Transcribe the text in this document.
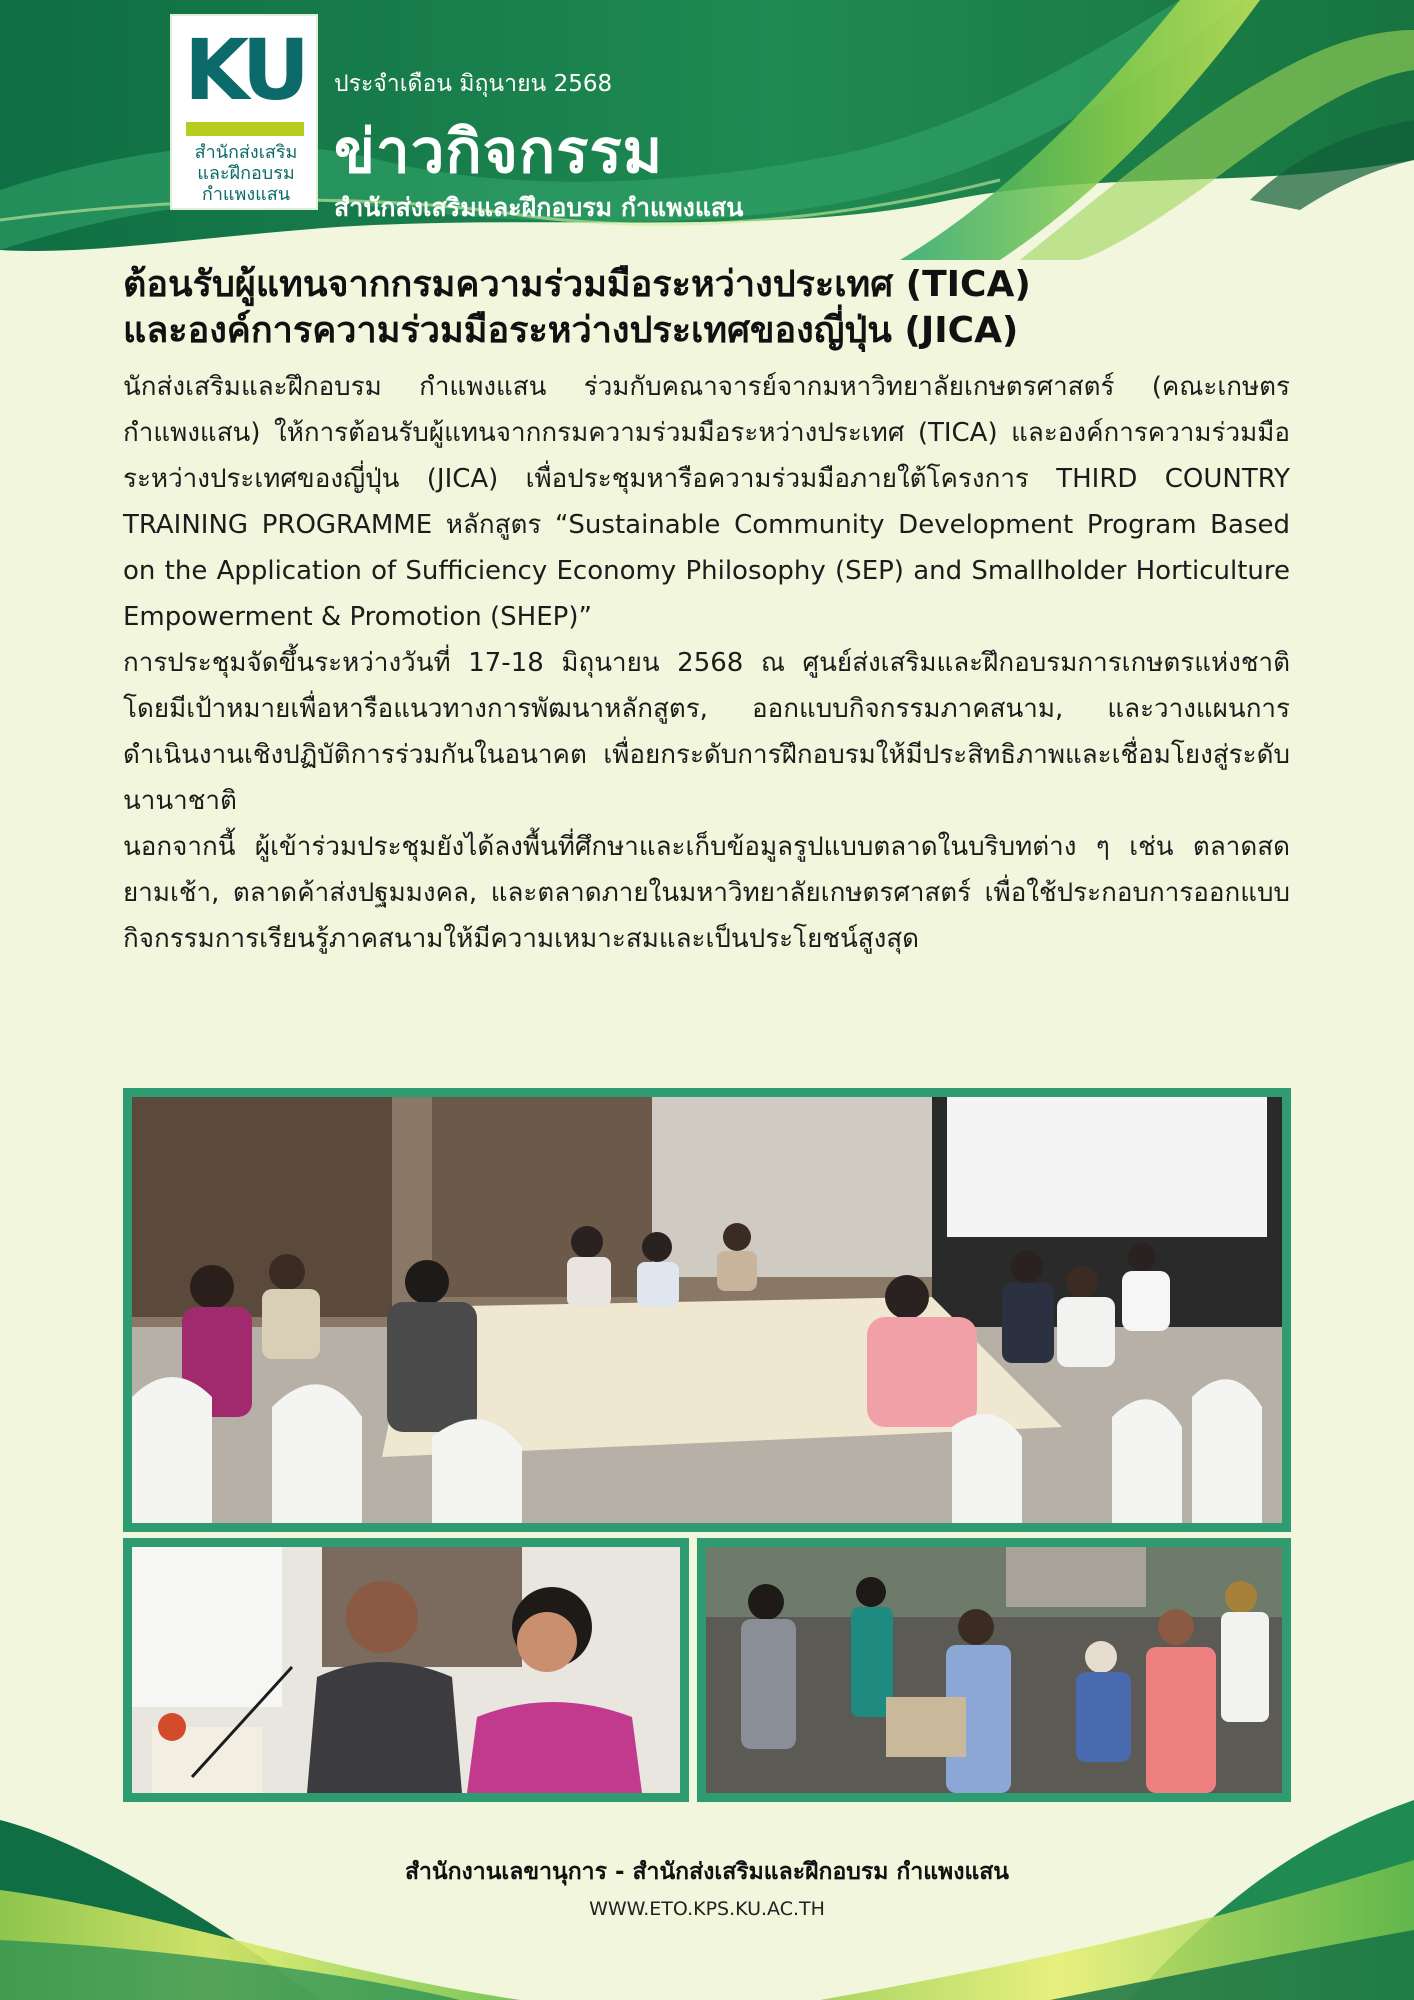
KU
สำนักส่งเสริม
และฝึกอบรม
กำแพงแสน
ประจำเดือน มิถุนายน 2568
ข่าวกิจกรรม
สำนักส่งเสริมและฝึกอบรม กำแพงแสน
ต้อนรับผู้แทนจากกรมความร่วมมือระหว่างประเทศ (TICA)
และองค์การความร่วมมือระหว่างประเทศของญี่ปุ่น (JICA)

นักส่งเสริมและฝึกอบรม กำแพงแสน ร่วมกับคณาจารย์จากมหาวิทยาลัยเกษตรศาสตร์ (คณะเกษตร กำแพงแสน) ให้การต้อนรับผู้แทนจากกรมความร่วมมือระหว่างประเทศ (TICA) และองค์การความร่วมมือระหว่างประเทศของญี่ปุ่น (JICA) เพื่อประชุมหารือความร่วมมือภายใต้โครงการ THIRD COUNTRY TRAINING PROGRAMME หลักสูตร “Sustainable Community Development Program Based on the Application of Sufficiency Economy Philosophy (SEP) and Smallholder Horticulture Empowerment & Promotion (SHEP)”

การประชุมจัดขึ้นระหว่างวันที่ 17-18 มิถุนายน 2568 ณ ศูนย์ส่งเสริมและฝึกอบรมการเกษตรแห่งชาติ โดยมีเป้าหมายเพื่อหารือแนวทางการพัฒนาหลักสูตร, ออกแบบกิจกรรมภาคสนาม, และวางแผนการดำเนินงานเชิงปฏิบัติการร่วมกันในอนาคต เพื่อยกระดับการฝึกอบรมให้มีประสิทธิภาพและเชื่อมโยงสู่ระดับนานาชาติ

นอกจากนี้ ผู้เข้าร่วมประชุมยังได้ลงพื้นที่ศึกษาและเก็บข้อมูลรูปแบบตลาดในบริบทต่าง ๆ เช่น ตลาดสดยามเช้า, ตลาดค้าส่งปฐมมงคล, และตลาดภายในมหาวิทยาลัยเกษตรศาสตร์ เพื่อใช้ประกอบการออกแบบกิจกรรมการเรียนรู้ภาคสนามให้มีความเหมาะสมและเป็นประโยชน์สูงสุด

สำนักงานเลขานุการ - สำนักส่งเสริมและฝึกอบรม กำแพงแสน
WWW.ETO.KPS.KU.AC.TH
